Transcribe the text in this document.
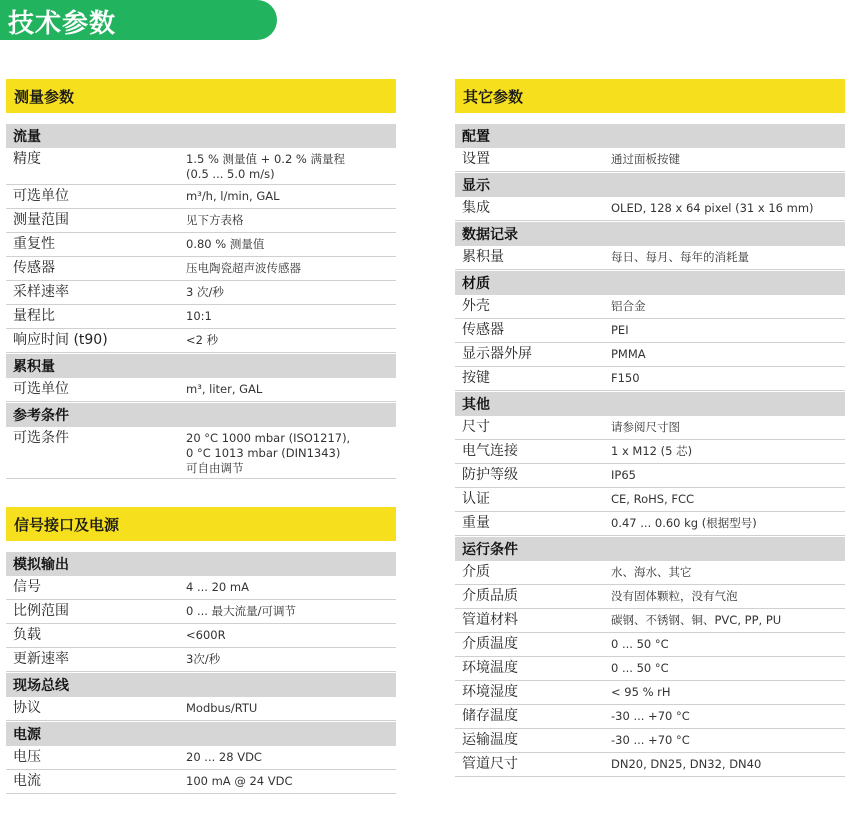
技术参数
测量参数
流量
精度	1.5 % 测量值 + 0.2 % 满量程
(0.5 ... 5.0 m/s)
可选单位	m³/h, l/min, GAL
测量范围	见下方表格
重复性	0.80 % 测量值
传感器	压电陶瓷超声波传感器
采样速率	3 次/秒
量程比	10:1
响应时间 (t90)	<2 秒
累积量
可选单位	m³, liter, GAL
参考条件
可选条件	20 °C 1000 mbar (ISO1217),
0 °C 1013 mbar (DIN1343)
可自由调节
信号接口及电源
模拟输出
信号	4 ... 20 mA
比例范围	0 ... 最大流量/可调节
负载	<600R
更新速率	3次/秒
现场总线
协议	Modbus/RTU
电源
电压	20 ... 28 VDC
电流	100 mA @ 24 VDC
其它参数
配置
设置	通过面板按键
显示
集成	OLED, 128 x 64 pixel (31 x 16 mm)
数据记录
累积量	每日、每月、每年的消耗量
材质
外壳	铝合金
传感器	PEI
显示器外屏	PMMA
按键	F150
其他
尺寸	请参阅尺寸图
电气连接	1 x M12 (5 芯)
防护等级	IP65
认证	CE, RoHS, FCC
重量	0.47 ... 0.60 kg (根据型号)
运行条件
介质	水、海水、其它
介质品质	没有固体颗粒，没有气泡
管道材料	碳钢、不锈钢、铜、PVC, PP, PU
介质温度	0 ... 50 °C
环境温度	0 ... 50 °C
环境湿度	< 95 % rH
储存温度	-30 ... +70 °C
运输温度	-30 ... +70 °C
管道尺寸	DN20, DN25, DN32, DN40
